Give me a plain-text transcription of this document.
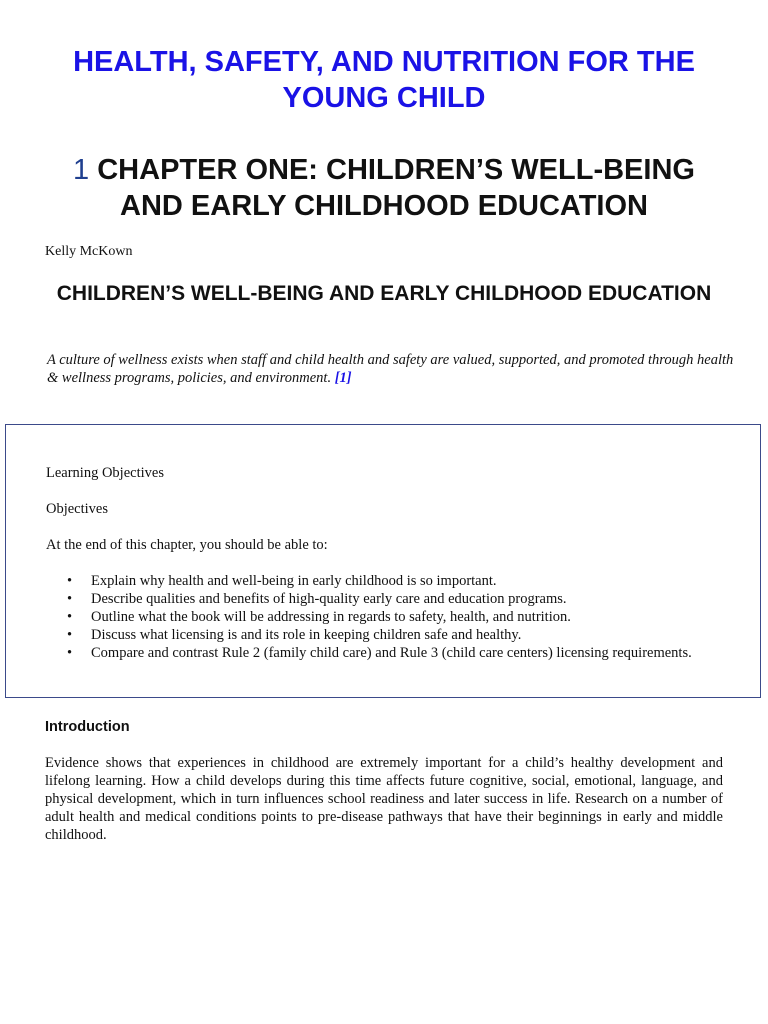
HEALTH, SAFETY, AND NUTRITION FOR THE YOUNG CHILD
1 CHAPTER ONE: CHILDREN’S WELL-BEING AND EARLY CHILDHOOD EDUCATION

Kelly McKown

CHILDREN’S WELL-BEING AND EARLY CHILDHOOD EDUCATION

A culture of wellness exists when staff and child health and safety are valued, supported, and promoted through health & wellness programs, policies, and environment. [1]

Learning Objectives

Objectives

At the end of this chapter, you should be able to:

• Explain why health and well-being in early childhood is so important.
• Describe qualities and benefits of high-quality early care and education programs.
• Outline what the book will be addressing in regards to safety, health, and nutrition.
• Discuss what licensing is and its role in keeping children safe and healthy.
• Compare and contrast Rule 2 (family child care) and Rule 3 (child care centers) licensing requirements.
Introduction

Evidence shows that experiences in childhood are extremely important for a child’s healthy development and lifelong learning. How a child develops during this time affects future cognitive, social, emotional, language, and physical development, which in turn influences school readiness and later success in life. Research on a number of adult health and medical conditions points to pre-disease pathways that have their beginnings in early and middle childhood.
